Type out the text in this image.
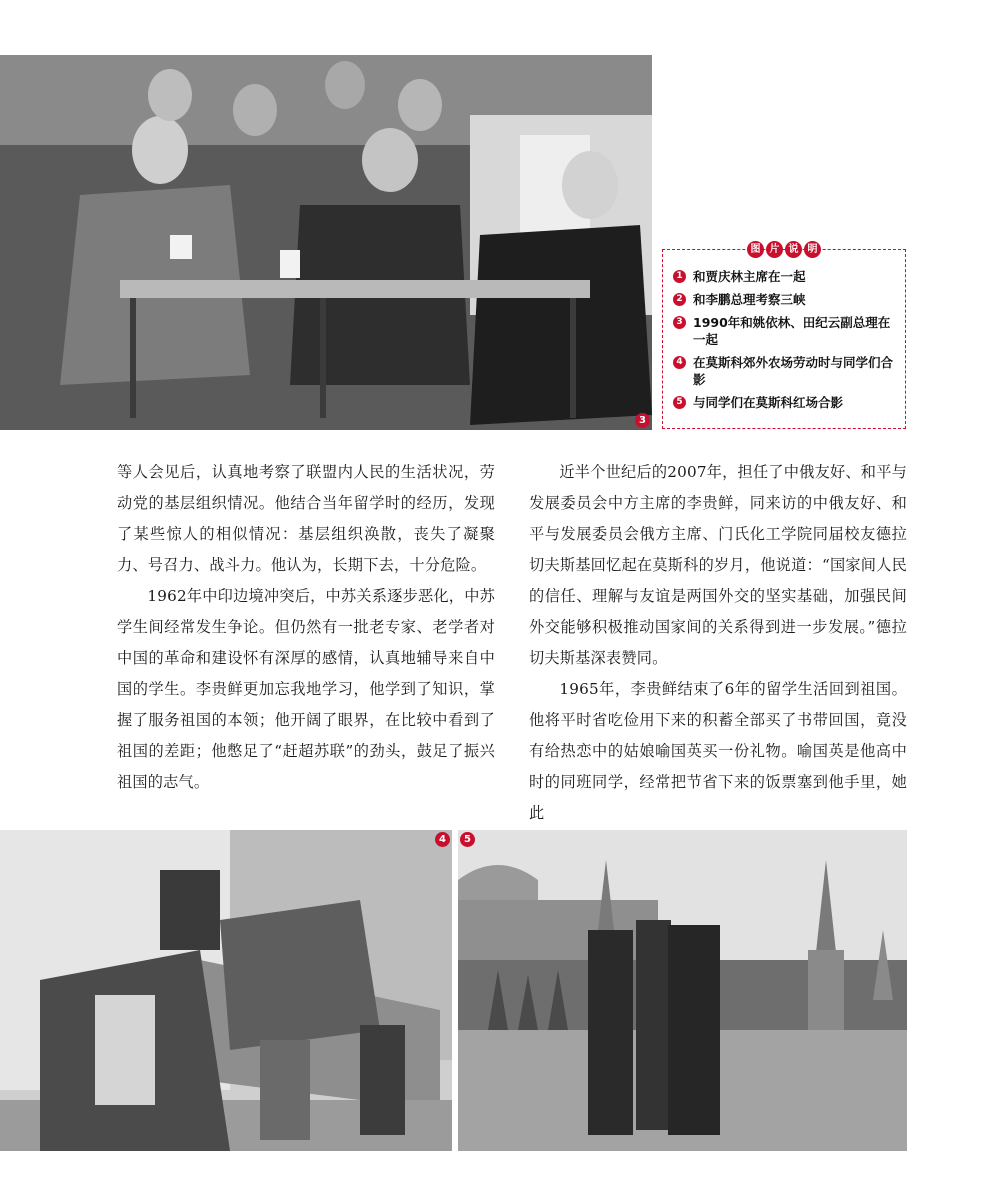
3
图 片 说 明
1 和贾庆林主席在一起
2 和李鹏总理考察三峡
3 1990年和姚依林、田纪云副总理在一起
4 在莫斯科郊外农场劳动时与同学们合影
5 与同学们在莫斯科红场合影

等人会见后，认真地考察了联盟内人民的生活状况，劳动党的基层组织情况。他结合当年留学时的经历，发现了某些惊人的相似情况：基层组织涣散，丧失了凝聚力、号召力、战斗力。他认为，长期下去，十分危险。

1962年中印边境冲突后，中苏关系逐步恶化，中苏学生间经常发生争论。但仍然有一批老专家、老学者对中国的革命和建设怀有深厚的感情，认真地辅导来自中国的学生。李贵鲜更加忘我地学习，他学到了知识，掌握了服务祖国的本领；他开阔了眼界，在比较中看到了祖国的差距；他憋足了“赶超苏联”的劲头，鼓足了振兴祖国的志气。

近半个世纪后的2007年，担任了中俄友好、和平与发展委员会中方主席的李贵鲜，同来访的中俄友好、和平与发展委员会俄方主席、门氏化工学院同届校友德拉切夫斯基回忆起在莫斯科的岁月，他说道：“国家间人民的信任、理解与友谊是两国外交的坚实基础，加强民间外交能够积极推动国家间的关系得到进一步发展。”德拉切夫斯基深表赞同。

1965年，李贵鲜结束了6年的留学生活回到祖国。他将平时省吃俭用下来的积蓄全部买了书带回国，竟没有给热恋中的姑娘喻国英买一份礼物。喻国英是他高中时的同班同学，经常把节省下来的饭票塞到他手里，她此

4	5
